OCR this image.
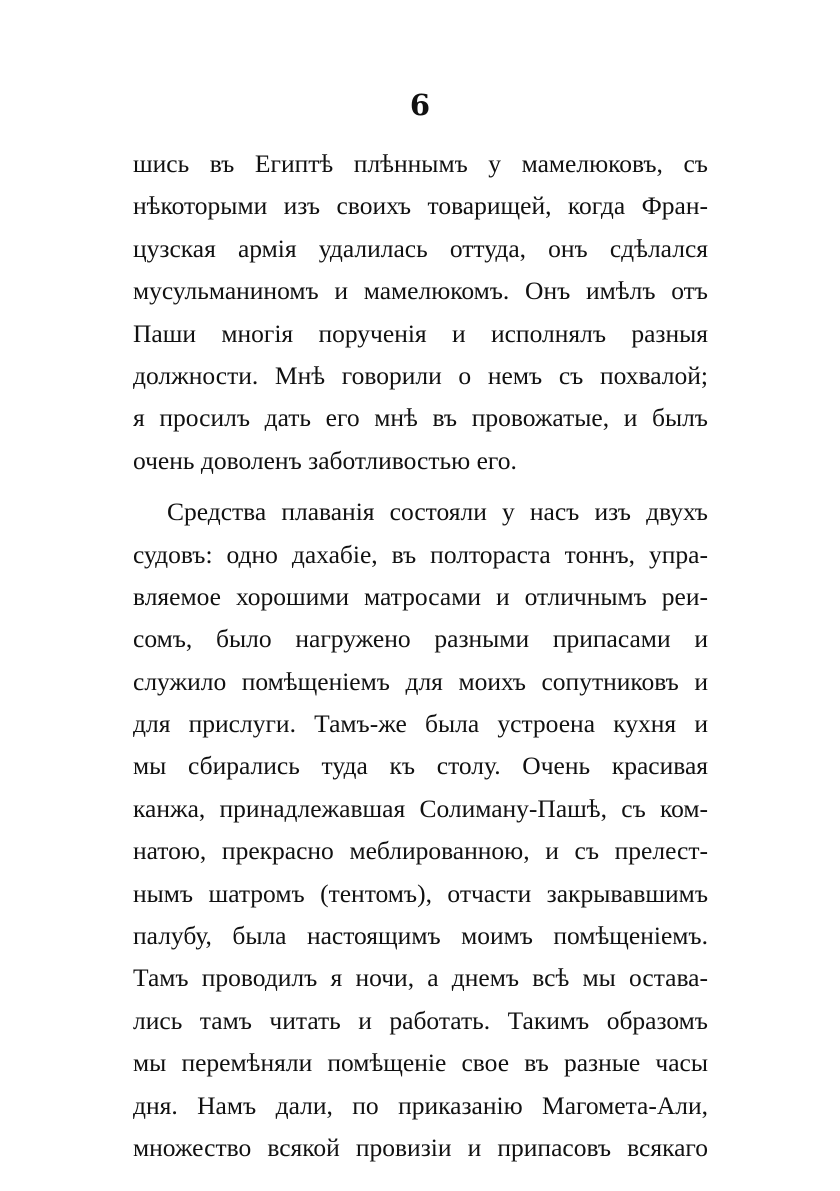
6
шись въ Египтѣ плѣннымъ у мамелюковъ, съ
нѣкоторыми изъ своихъ товарищей, когда Фран-
цузская армія удалилась оттуда, онъ сдѣлался
мусульманиномъ и мамелюкомъ. Онъ имѣлъ отъ
Паши многія порученія и исполнялъ разныя
должности. Мнѣ говорили о немъ съ похвалой;
я просилъ дать его мнѣ въ провожатые, и былъ
очень доволенъ заботливостью его.
Средства плаванія состояли у насъ изъ двухъ
судовъ: одно дахабіе, въ полтораста тоннъ, упра-
вляемое хорошими матросами и отличнымъ реи-
сомъ, было нагружено разными припасами и
служило помѣщеніемъ для моихъ сопутниковъ и
для прислуги. Тамъ-же была устроена кухня и
мы сбирались туда къ столу. Очень красивая
канжа, принадлежавшая Солиману-Пашѣ, съ ком-
натою, прекрасно меблированною, и съ прелест-
нымъ шатромъ (тентомъ), отчасти закрывавшимъ
палубу, была настоящимъ моимъ помѣщеніемъ.
Тамъ проводилъ я ночи, а днемъ всѣ мы остава-
лись тамъ читать и работать. Такимъ образомъ
мы перемѣняли помѣщеніе свое въ разные часы
дня. Намъ дали, по приказанію Магомета-Али,
множество всякой провизіи и припасовъ всякаго
